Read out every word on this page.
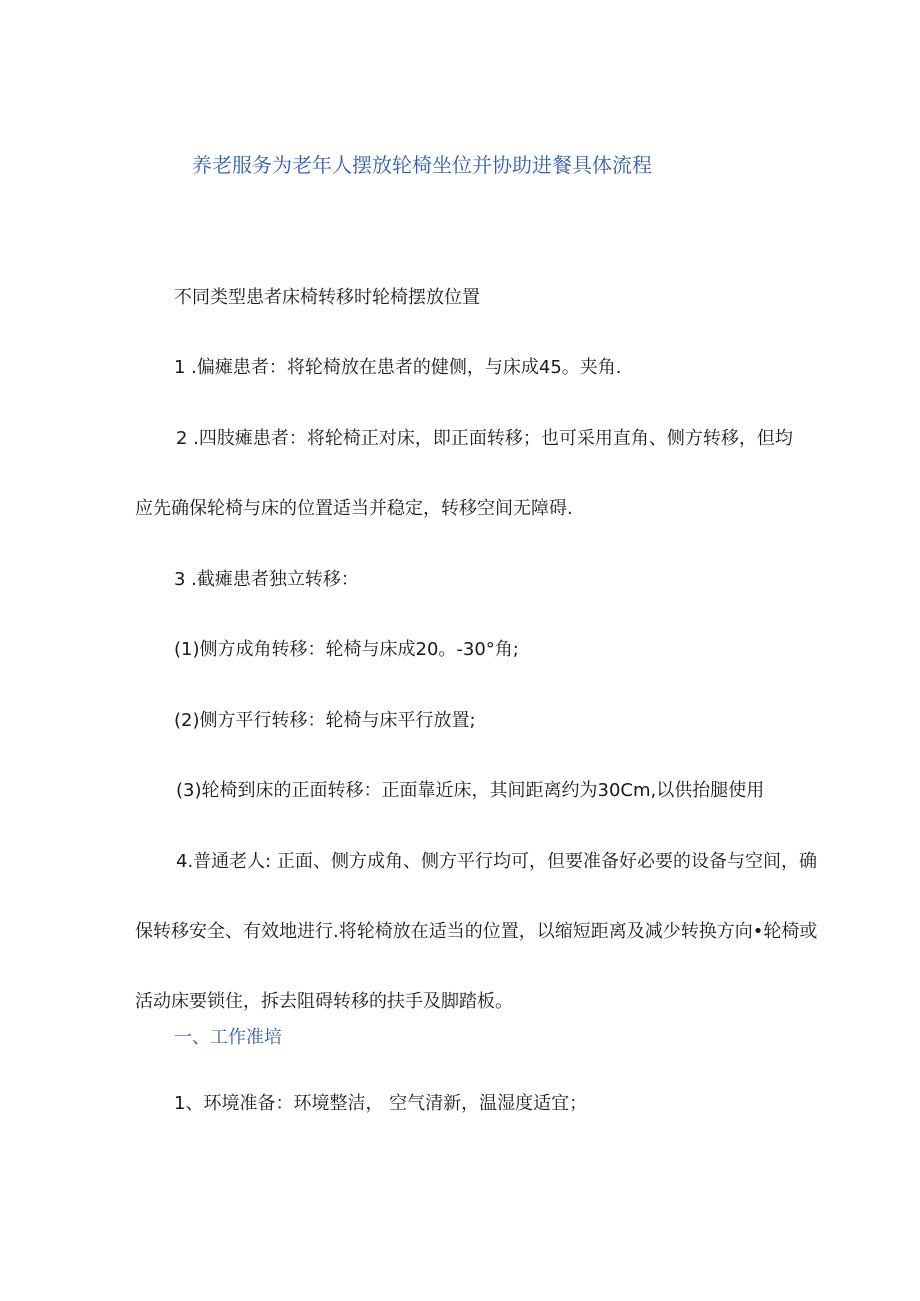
养老服务为老年人摆放轮椅坐位并协助进餐具体流程
不同类型患者床椅转移时轮椅摆放位置
1 .偏瘫患者：将轮椅放在患者的健侧，与床成45。夹角.
2 .四肢瘫患者：将轮椅正对床，即正面转移；也可采用直角、侧方转移，但均
应先确保轮椅与床的位置适当并稳定，转移空间无障碍.
3 .截瘫患者独立转移：
(1)侧方成角转移：轮椅与床成20。-30°角;
(2)侧方平行转移：轮椅与床平行放置;
(3)轮椅到床的正面转移：正面靠近床，其间距离约为30Cm,以供抬腿使用
4.普通老人: 正面、侧方成角、侧方平行均可，但要准备好必要的设备与空间，确
保转移安全、有效地进行.将轮椅放在适当的位置，以缩短距离及减少转换方向•轮椅或
活动床要锁住，拆去阻碍转移的扶手及脚踏板。
一、工作准培
1、环境准备：环境整洁， 空气清新，温湿度适宜；
